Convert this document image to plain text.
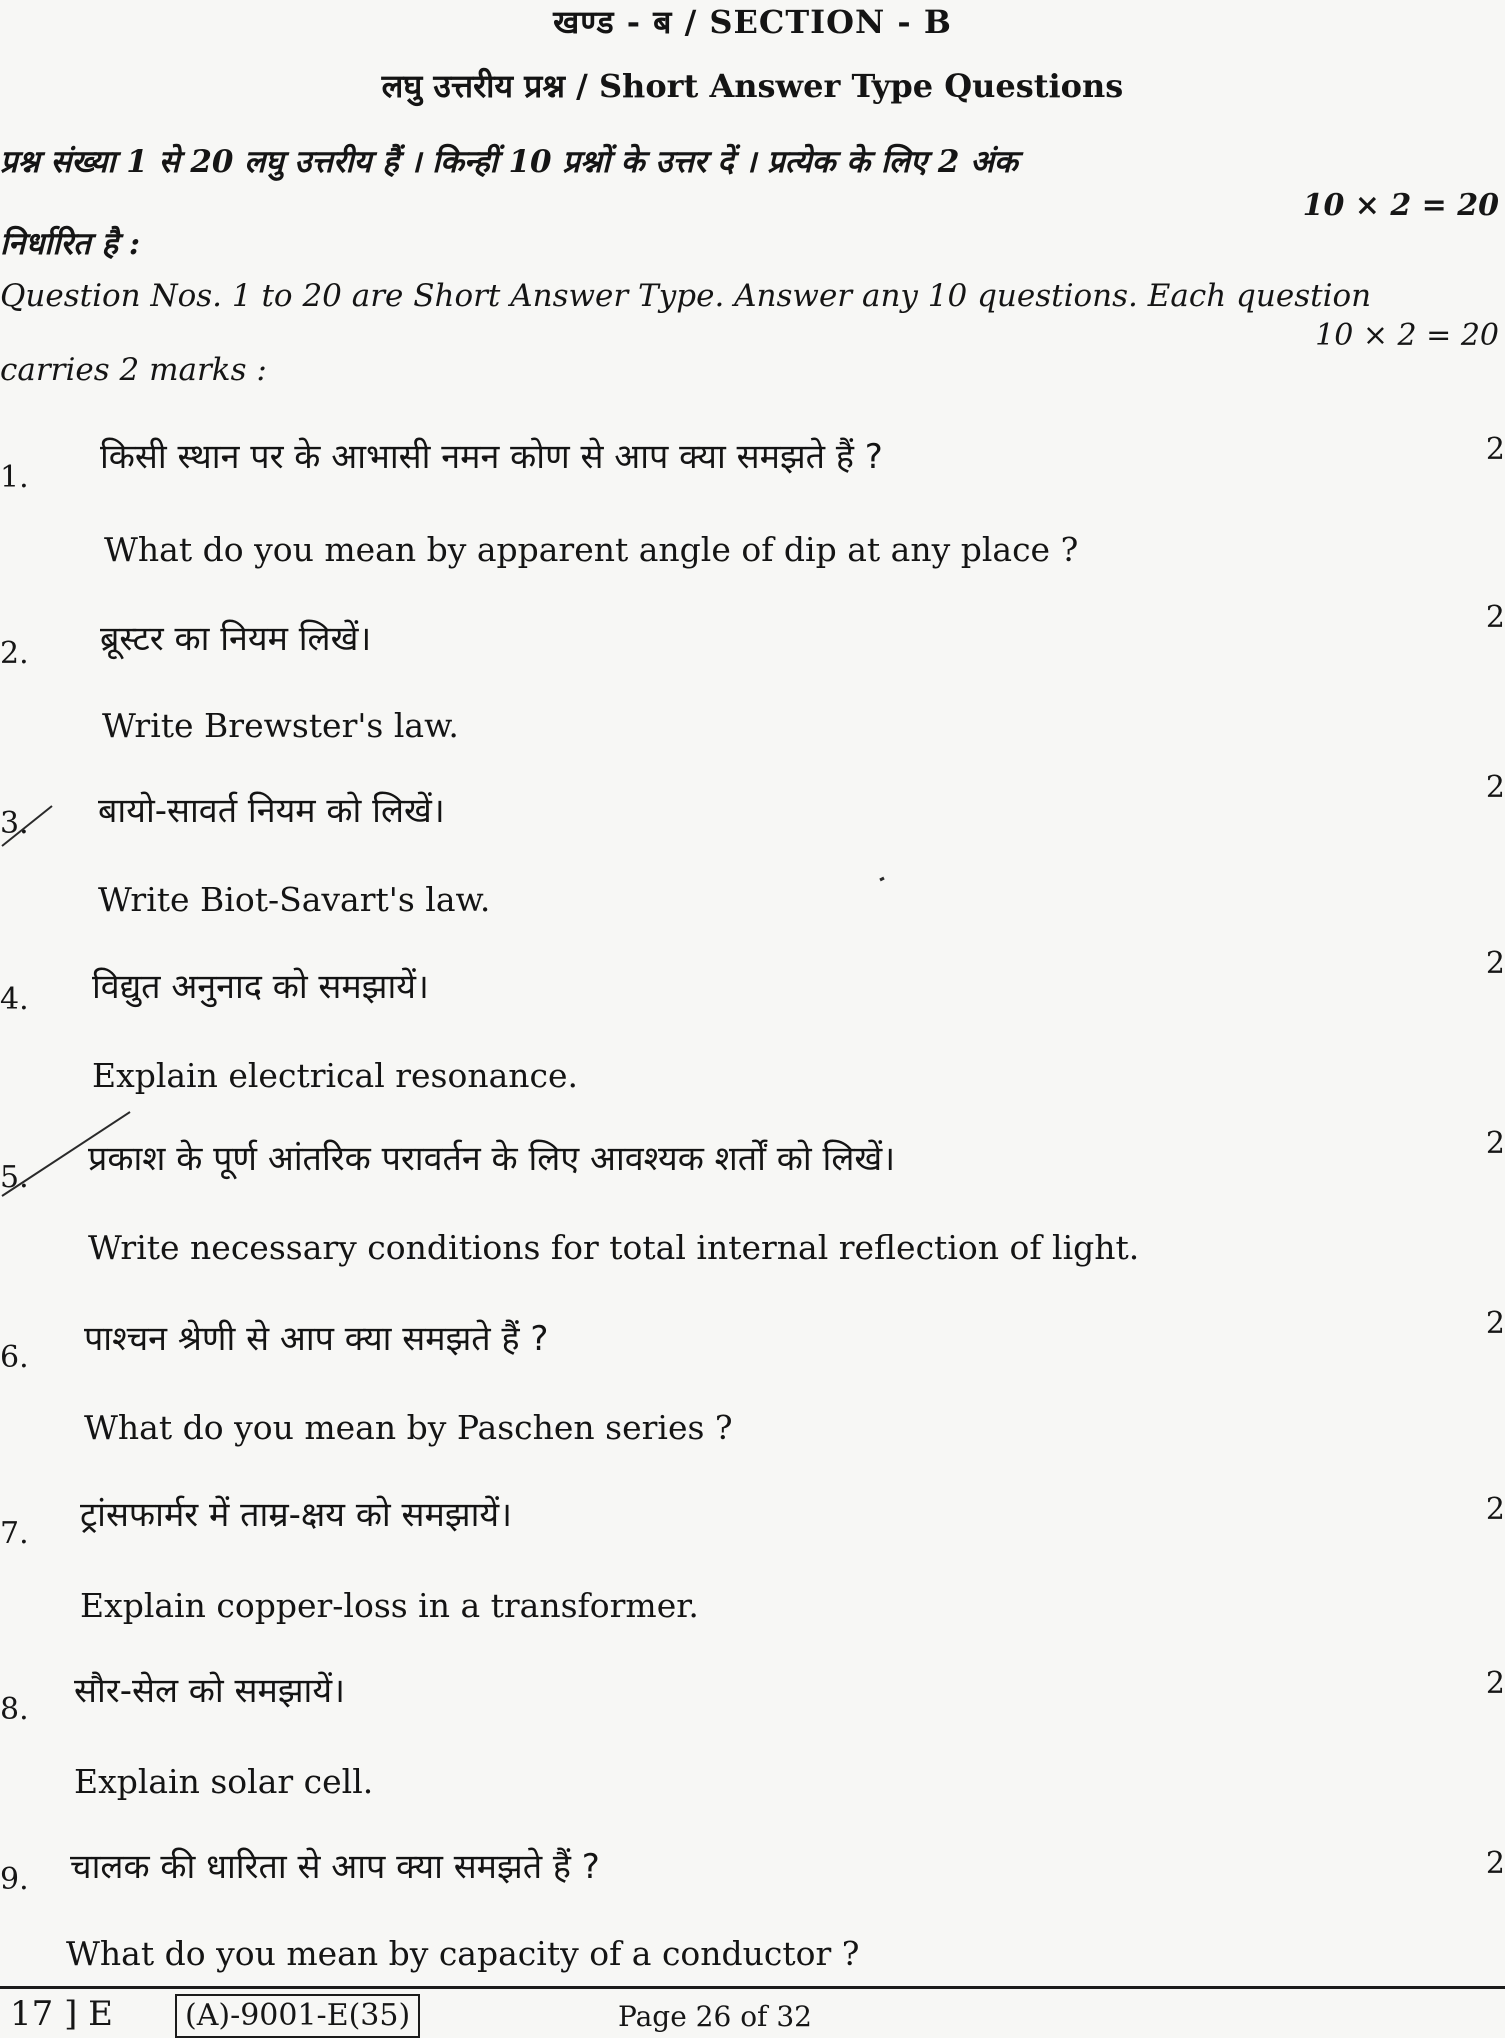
खण्ड - ब / SECTION - B
लघु उत्तरीय प्रश्न / Short Answer Type Questions
प्रश्न संख्या 1 से 20 लघु उत्तरीय हैं । किन्हीं 10 प्रश्नों के उत्तर दें । प्रत्येक के लिए 2 अंक
10 × 2 = 20
निर्धारित है :
Question Nos. 1 to 20 are Short Answer Type. Answer any 10 questions. Each question
10 × 2 = 20
carries 2 marks :
1.
किसी स्थान पर के आभासी नमन कोण से आप क्या समझते हैं ?	2
What do you mean by apparent angle of dip at any place ?
2. ब्रूस्टर का नियम लिखें।
2
Write Brewster's law.
3. बायो-सावर्त नियम को लिखें।
2
Write Biot-Savart's law.
4. विद्युत अनुनाद को समझायें।
2
Explain electrical resonance.
5. प्रकाश के पूर्ण आंतरिक परावर्तन के लिए आवश्यक शर्तों को लिखें।	2
Write necessary conditions for total internal reflection of light.
6. पाश्चन श्रेणी से आप क्या समझते हैं ?	2
What do you mean by Paschen series ?
7. ट्रांसफार्मर में ताम्र-क्षय को समझायें।	2
Explain copper-loss in a transformer.
8. सौर-सेल को समझायें।	2
Explain solar cell.
9. चालक की धारिता से आप क्या समझते हैं ?	2
What do you mean by capacity of a conductor ?
17 ] E	(A)-9001-E(35)	Page 26 of 32
